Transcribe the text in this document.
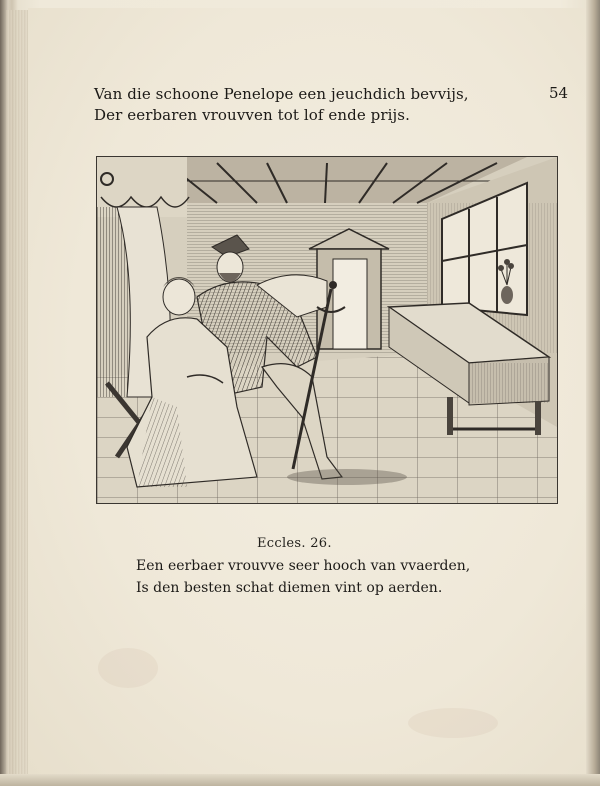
Van die schoone Penelope een jeuchdich bevvijs,
Der eerbaren vrouvven tot lof ende prijs.
54
Eccles. 26.
Een eerbaer vrouvve seer hooch van vvaerden,
Is den besten schat diemen vint op aerden.
